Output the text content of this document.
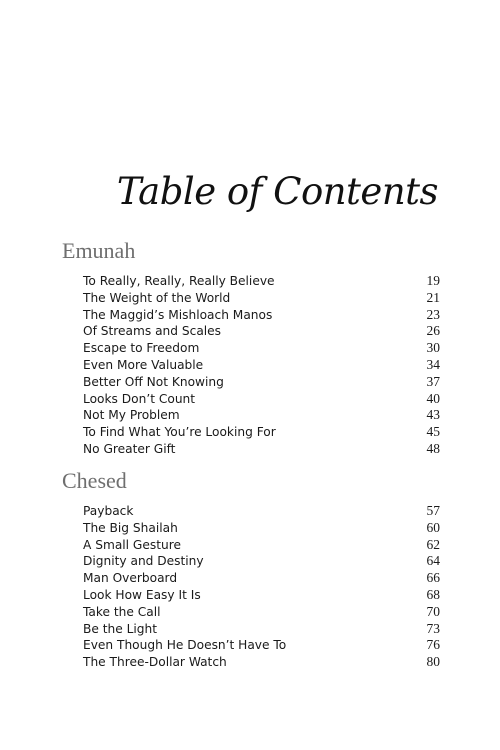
Table of Contents
Emunah
To Really, Really, Really Believe	19
The Weight of the World	21
The Maggid’s Mishloach Manos	23
Of Streams and Scales	26
Escape to Freedom	30
Even More Valuable	34
Better Off Not Knowing	37
Looks Don’t Count	40
Not My Problem	43
To Find What You’re Looking For	45
No Greater Gift	48
Chesed
Payback	57
The Big Shailah	60
A Small Gesture	62
Dignity and Destiny	64
Man Overboard	66
Look How Easy It Is	68
Take the Call	70
Be the Light	73
Even Though He Doesn’t Have To	76
The Three-Dollar Watch	80
